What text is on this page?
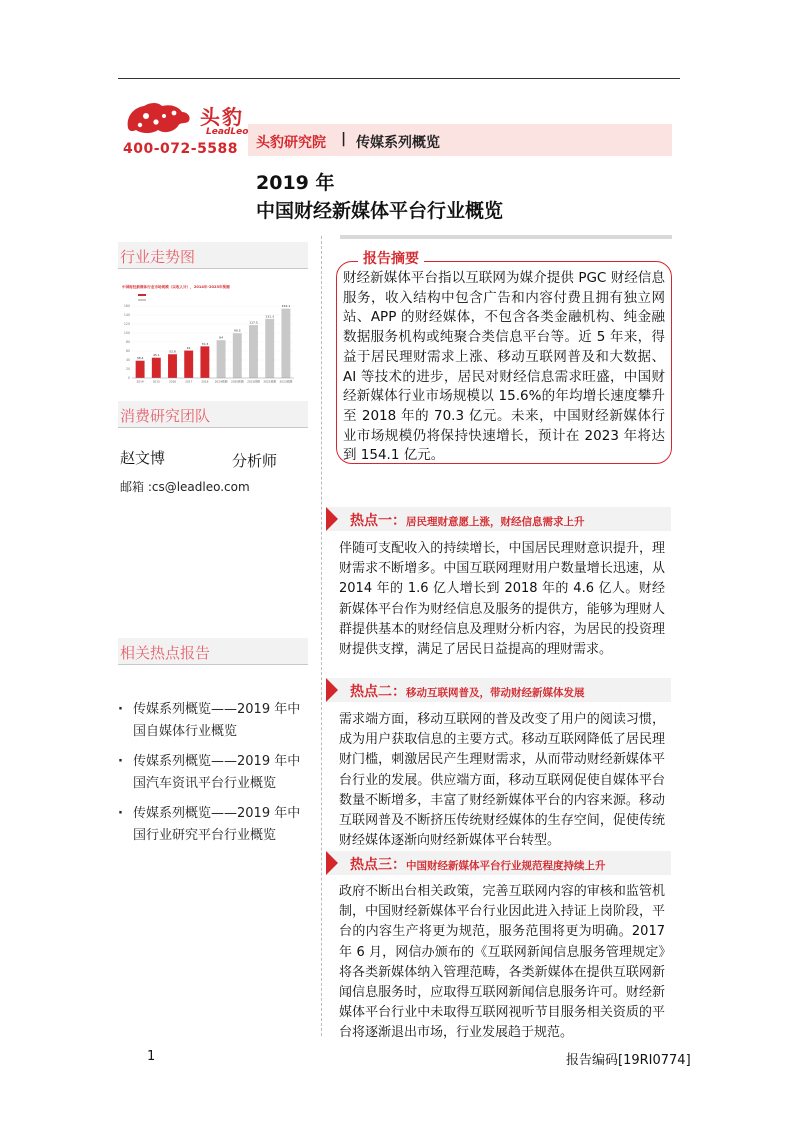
头豹
LeadLeo
400-072-5588 头豹研究院 | 传媒系列概览
2019 年
中国财经新媒体平台行业概览
行业走势图
中国财经新媒体行业市场规模（以收入计），2014年-2023年预测
0
20
40
60
80
100
120
140
160
38.4
2014
45.1
2015
52.8
2016
61
2017
70.3
2018
84
2019预测
99.5
2020预测
117.5
2021预测
131.3
2022预测
154.1
2023预测
消费研究团队
赵文博	分析师
邮箱 :cs@leadleo.com
相关热点报告
· 传媒系列概览——2019 年中国自媒体行业概览
· 传媒系列概览——2019 年中国汽车资讯平台行业概览
· 传媒系列概览——2019 年中国行业研究平台行业概览
报告摘要
财经新媒体平台指以互联网为媒介提供 PGC 财经信息服务，收入结构中包含广告和内容付费且拥有独立网站、APP 的财经媒体，不包含各类金融机构、纯金融数据服务机构或纯聚合类信息平台等。近 5 年来，得益于居民理财需求上涨、移动互联网普及和大数据、AI 等技术的进步，居民对财经信息需求旺盛，中国财经新媒体行业市场规模以 15.6%的年均增长速度攀升至 2018 年的 70.3 亿元。未来，中国财经新媒体行业市场规模仍将保持快速增长，预计在 2023 年将达到 154.1 亿元。
热点一：居民理财意愿上涨，财经信息需求上升
伴随可支配收入的持续增长，中国居民理财意识提升，理财需求不断增多。中国互联网理财用户数量增长迅速，从 2014 年的 1.6 亿人增长到 2018 年的 4.6 亿人。财经新媒体平台作为财经信息及服务的提供方，能够为理财人群提供基本的财经信息及理财分析内容，为居民的投资理财提供支撑，满足了居民日益提高的理财需求。
热点二：移动互联网普及，带动财经新媒体发展
需求端方面，移动互联网的普及改变了用户的阅读习惯，成为用户获取信息的主要方式。移动互联网降低了居民理财门槛，刺激居民产生理财需求，从而带动财经新媒体平台行业的发展。供应端方面，移动互联网促使自媒体平台数量不断增多，丰富了财经新媒体平台的内容来源。移动互联网普及不断挤压传统财经媒体的生存空间，促使传统财经媒体逐渐向财经新媒体平台转型。
热点三：中国财经新媒体平台行业规范程度持续上升
政府不断出台相关政策，完善互联网内容的审核和监管机制，中国财经新媒体平台行业因此进入持证上岗阶段，平台的内容生产将更为规范，服务范围将更为明确。2017 年 6 月，网信办颁布的《互联网新闻信息服务管理规定》将各类新媒体纳入管理范畴，各类新媒体在提供互联网新闻信息服务时，应取得互联网新闻信息服务许可。财经新媒体平台行业中未取得互联网视听节目服务相关资质的平台将逐渐退出市场，行业发展趋于规范。
1	报告编码[19RI0774]
